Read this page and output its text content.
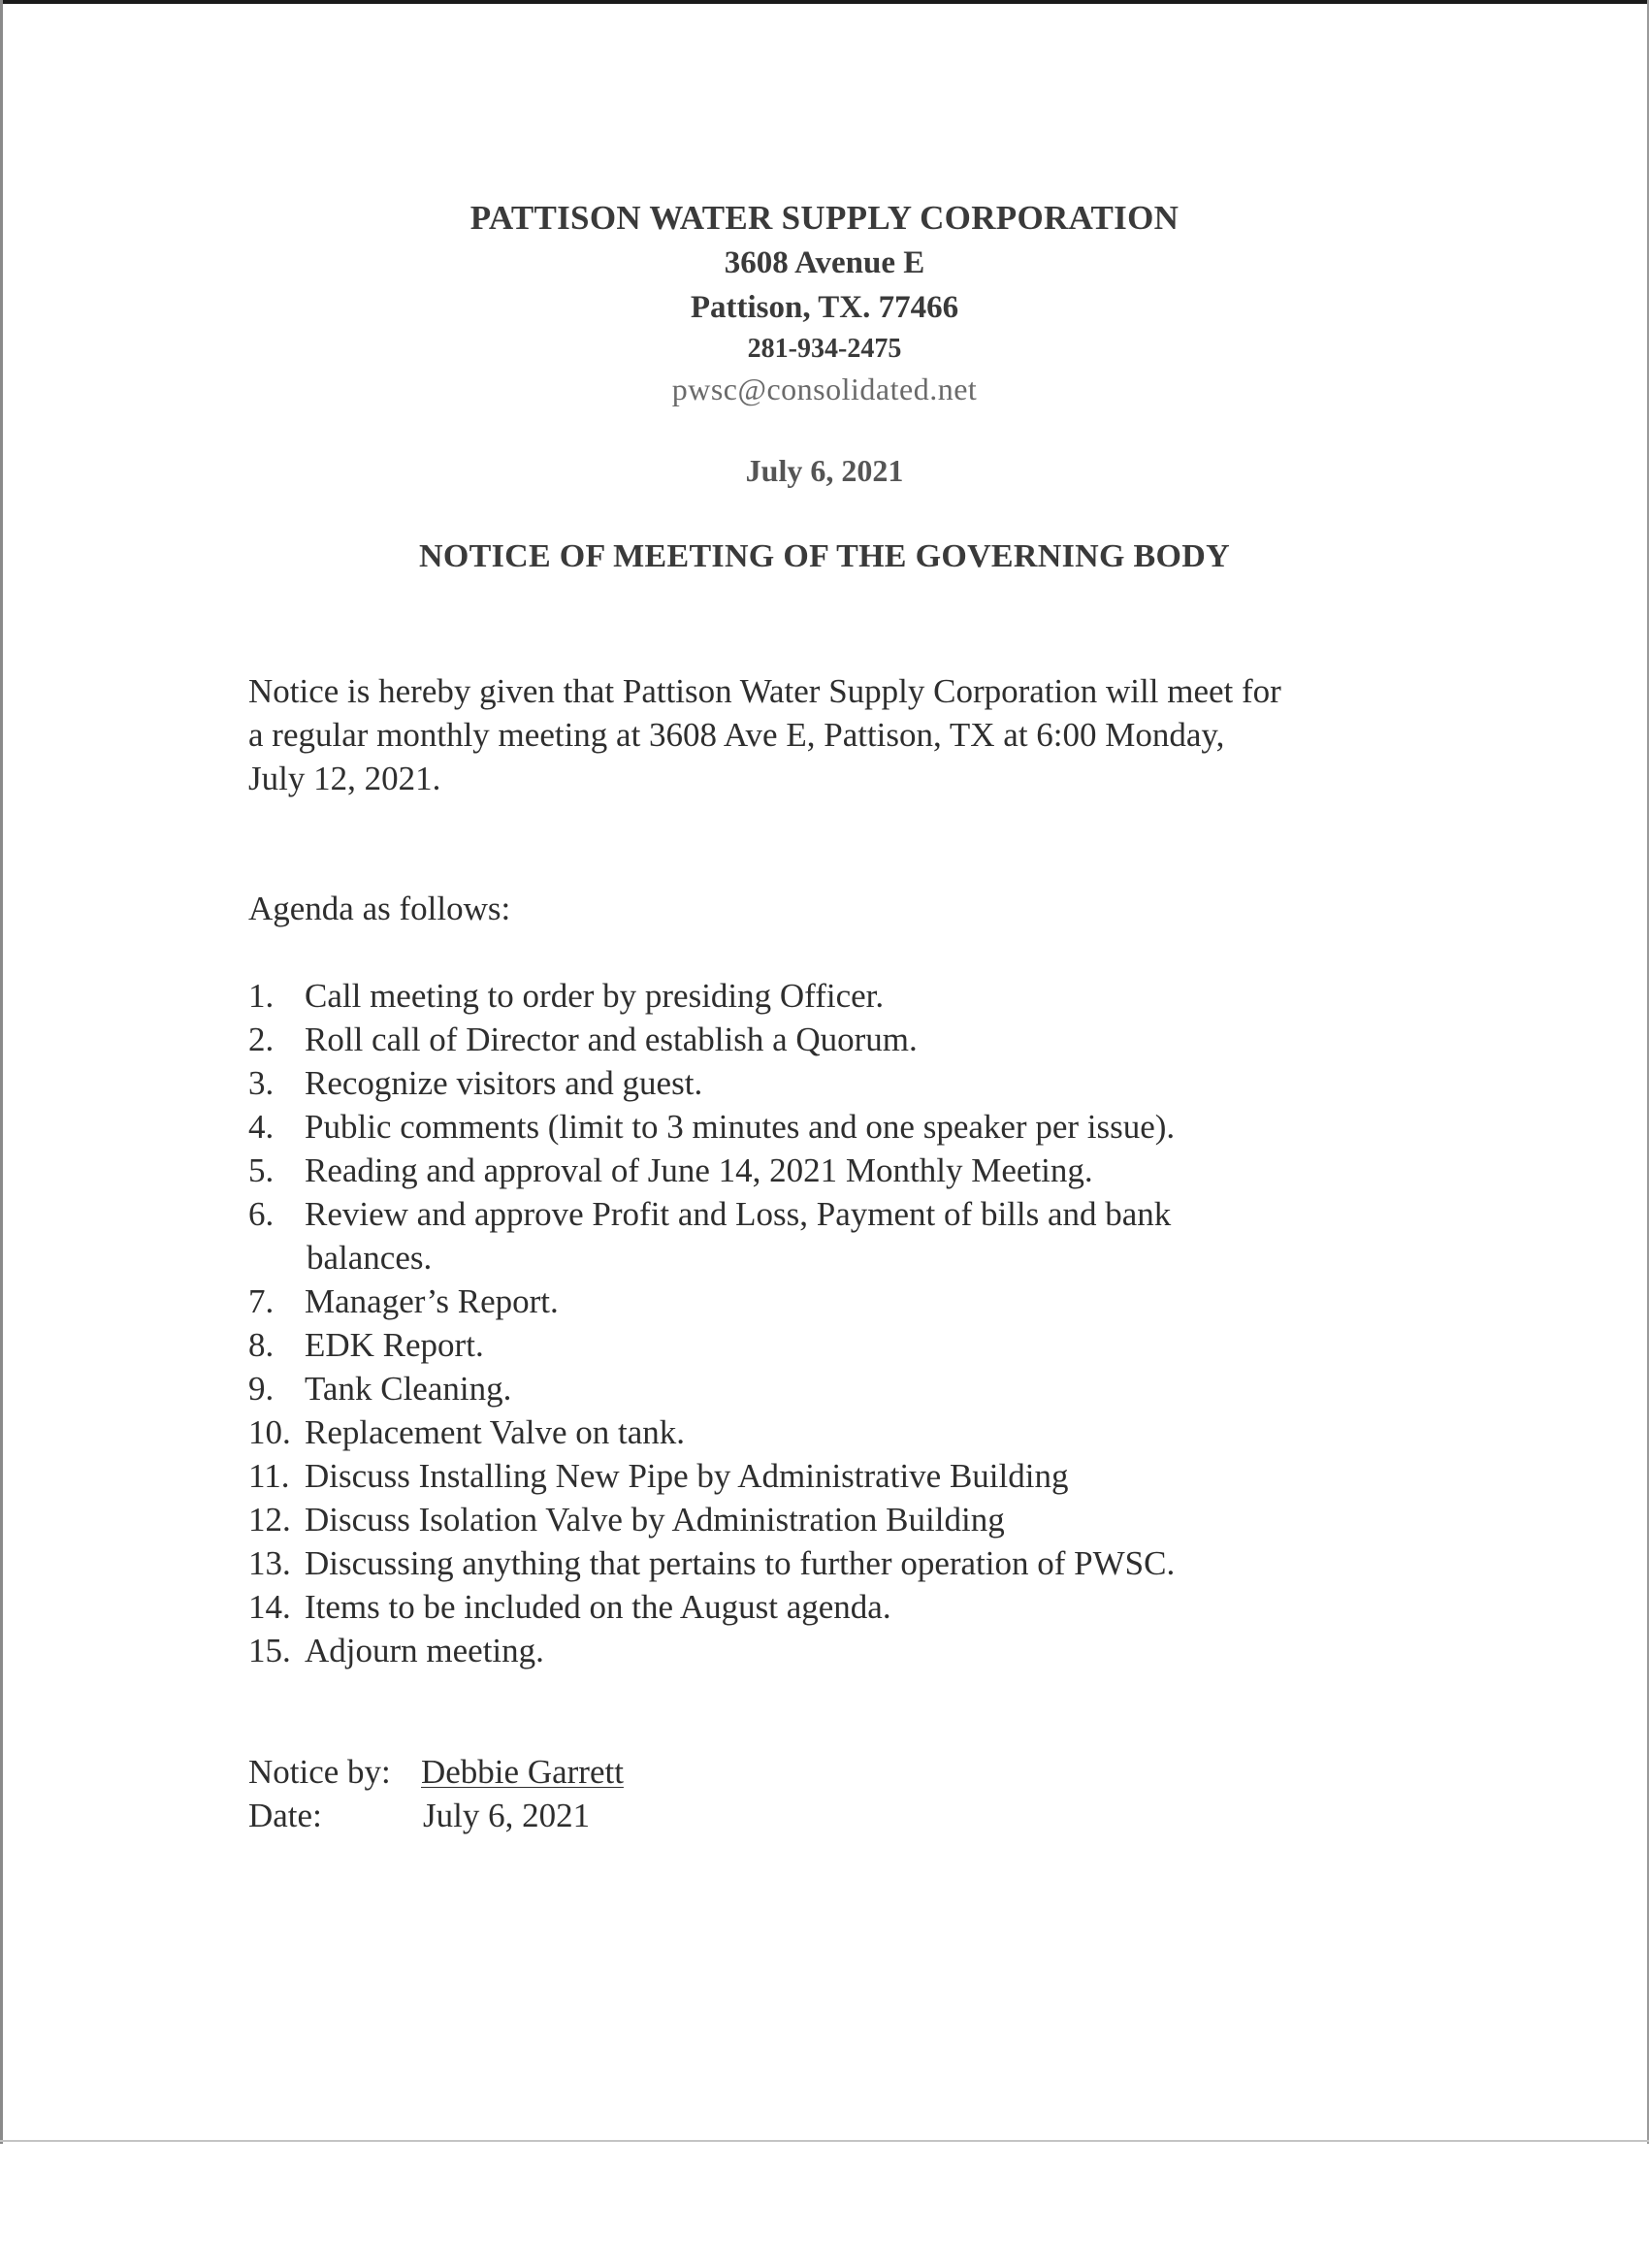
PATTISON WATER SUPPLY CORPORATION
3608 Avenue E
Pattison, TX. 77466
281-934-2475
pwsc@consolidated.net
July 6, 2021
NOTICE OF MEETING OF THE GOVERNING BODY
Notice is hereby given that Pattison Water Supply Corporation will meet for
a regular monthly meeting at 3608 Ave E, Pattison, TX at 6:00 Monday,
July 12, 2021.
Agenda as follows:
1. Call meeting to order by presiding Officer.
2. Roll call of Director and establish a Quorum.
3. Recognize visitors and guest.
4. Public comments (limit to 3 minutes and one speaker per issue).
5. Reading and approval of June 14, 2021 Monthly Meeting.
6. Review and approve Profit and Loss, Payment of bills and bank
balances.
7. Manager’s Report.
8. EDK Report.
9. Tank Cleaning.
10. Replacement Valve on tank.
11. Discuss Installing New Pipe by Administrative Building
12. Discuss Isolation Valve by Administration Building
13. Discussing anything that pertains to further operation of PWSC.
14. Items to be included on the August agenda.
15. Adjourn meeting.
Notice by: Debbie Garrett
Date:	July 6, 2021
